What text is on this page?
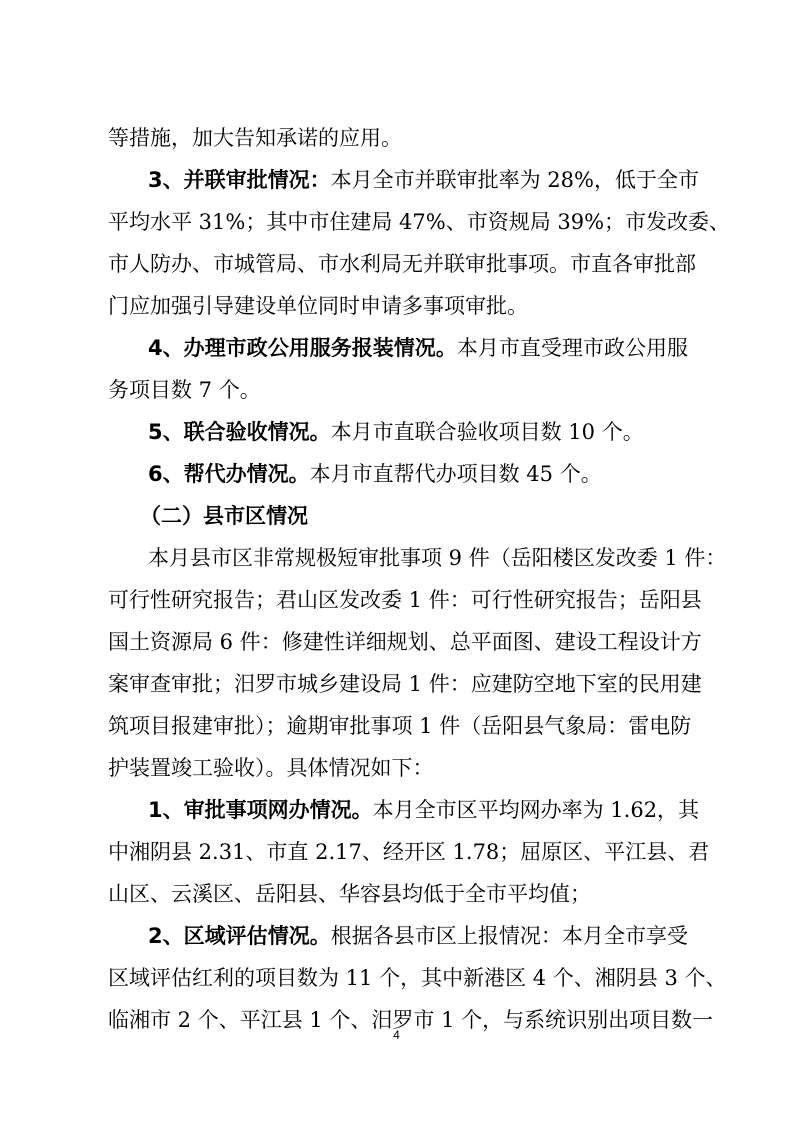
等措施，加大告知承诺的应用。
3、并联审批情况：本月全市并联审批率为 28%，低于全市
平均水平 31%；其中市住建局 47%、市资规局 39%；市发改委、
市人防办、市城管局、市水利局无并联审批事项。市直各审批部
门应加强引导建设单位同时申请多事项审批。
4、办理市政公用服务报装情况。本月市直受理市政公用服
务项目数 7 个。
5、联合验收情况。本月市直联合验收项目数 10 个。
6、帮代办情况。本月市直帮代办项目数 45 个。
（二）县市区情况
本月县市区非常规极短审批事项 9 件（岳阳楼区发改委 1 件：
可行性研究报告；君山区发改委 1 件：可行性研究报告；岳阳县
国土资源局 6 件：修建性详细规划、总平面图、建设工程设计方
案审查审批；汨罗市城乡建设局 1 件：应建防空地下室的民用建
筑项目报建审批）；逾期审批事项 1 件（岳阳县气象局：雷电防
护装置竣工验收）。具体情况如下：
1、审批事项网办情况。本月全市区平均网办率为 1.62，其
中湘阴县 2.31、市直 2.17、经开区 1.78；屈原区、平江县、君
山区、云溪区、岳阳县、华容县均低于全市平均值；
2、区域评估情况。根据各县市区上报情况：本月全市享受
区域评估红利的项目数为 11 个，其中新港区 4 个、湘阴县 3 个、
临湘市 2 个、平江县 1 个、汨罗市 1 个，与系统识别出项目数一
4
